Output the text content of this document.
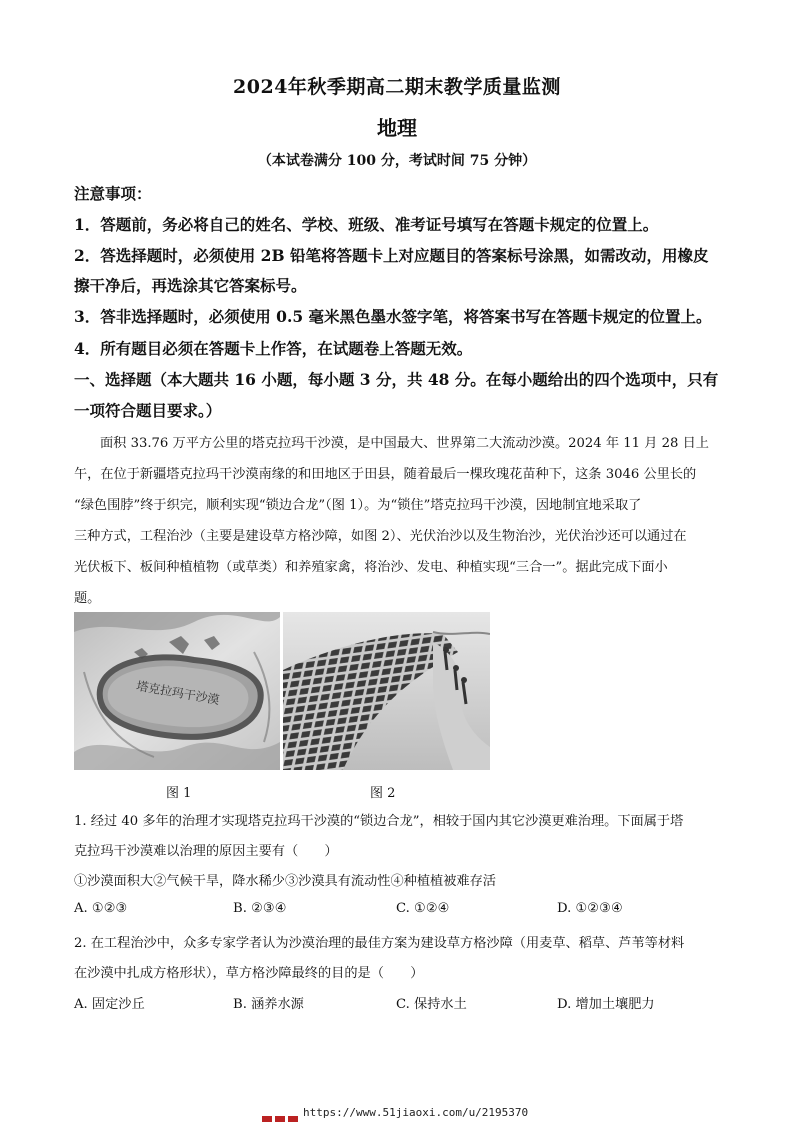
2024年秋季期高二期末教学质量监测
地理
（本试卷满分 100 分，考试时间 75 分钟）
注意事项：
1．答题前，务必将自己的姓名、学校、班级、准考证号填写在答题卡规定的位置上。
2．答选择题时，必须使用 2B 铅笔将答题卡上对应题目的答案标号涂黑，如需改动，用橡皮
擦干净后，再选涂其它答案标号。
3．答非选择题时，必须使用 0.5 毫米黑色墨水签字笔，将答案书写在答题卡规定的位置上。
4．所有题目必须在答题卡上作答，在试题卷上答题无效。
一、选择题（本大题共 16 小题，每小题 3 分，共 48 分。在每小题给出的四个选项中，只有
一项符合题目要求。）
面积 33.76 万平方公里的塔克拉玛干沙漠，是中国最大、世界第二大流动沙漠。2024 年 11 月 28 日上
午，在位于新疆塔克拉玛干沙漠南缘的和田地区于田县，随着最后一棵玫瑰花苗种下，这条 3046 公里长的
“绿色围脖”终于织完，顺利实现“锁边合龙”（图 1）。为“锁住”塔克拉玛干沙漠，因地制宜地采取了
三种方式，工程治沙（主要是建设草方格沙障，如图 2）、光伏治沙以及生物治沙，光伏治沙还可以通过在
光伏板下、板间种植植物（或草类）和养殖家禽，将治沙、发电、种植实现“三合一”。据此完成下面小
题。
塔克拉玛干沙漠
图 1	图 2
1. 经过 40 多年的治理才实现塔克拉玛干沙漠的“锁边合龙”，相较于国内其它沙漠更难治理。下面属于塔
克拉玛干沙漠难以治理的原因主要有（　　）
①沙漠面积大②气候干旱，降水稀少③沙漠具有流动性④种植植被难存活
A. ①②③	B. ②③④	C. ①②④	D. ①②③④
2. 在工程治沙中，众多专家学者认为沙漠治理的最佳方案为建设草方格沙障（用麦草、稻草、芦苇等材料
在沙漠中扎成方格形状），草方格沙障最终的目的是（　　）
A. 固定沙丘	B. 涵养水源	C. 保持水土	D. 增加土壤肥力
https://www.51jiaoxi.com/u/2195370
